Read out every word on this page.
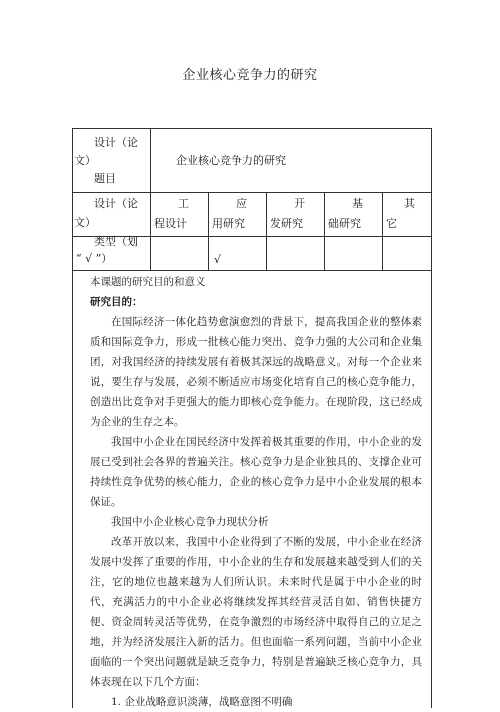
企业核心竞争力的研究
设计（论
文）
题目
企业核心竞争力的研究
设计（论
文）
类型（划
“ √ ”）
工
程设计
应
用研究
开
发研究
基
础研究
其
它
√
本课题的研究目的和意义
研究目的：

在国际经济一体化趋势愈演愈烈的背景下，提高我国企业的整体素质和国际竞争力，形成一批核心能力突出、竞争力强的大公司和企业集团，对我国经济的持续发展有着极其深远的战略意义。对每一个企业来说，要生存与发展，必须不断适应市场变化培育自己的核心竞争能力，创造出比竞争对手更强大的能力即核心竞争能力。在现阶段，这已经成为企业的生存之本。

我国中小企业在国民经济中发挥着极其重要的作用，中小企业的发展已受到社会各界的普遍关注。核心竞争力是企业独具的、支撑企业可持续性竞争优势的核心能力，企业的核心竞争力是中小企业发展的根本保证。

我国中小企业核心竞争力现状分析

改革开放以来，我国中小企业得到了不断的发展，中小企业在经济发展中发挥了重要的作用，中小企业的生存和发展越来越受到人们的关注，它的地位也越来越为人们所认识。未来时代是属于中小企业的时代，充满活力的中小企业必将继续发挥其经营灵活自如、销售快捷方便、资金周转灵活等优势，在竞争激烈的市场经济中取得自己的立足之地，并为经济发展注入新的活力。但也面临一系列问题，当前中小企业面临的一个突出问题就是缺乏竞争力，特别是普遍缺乏核心竞争力，具体表现在以下几个方面：

1. 企业战略意识淡薄，战略意图不明确
